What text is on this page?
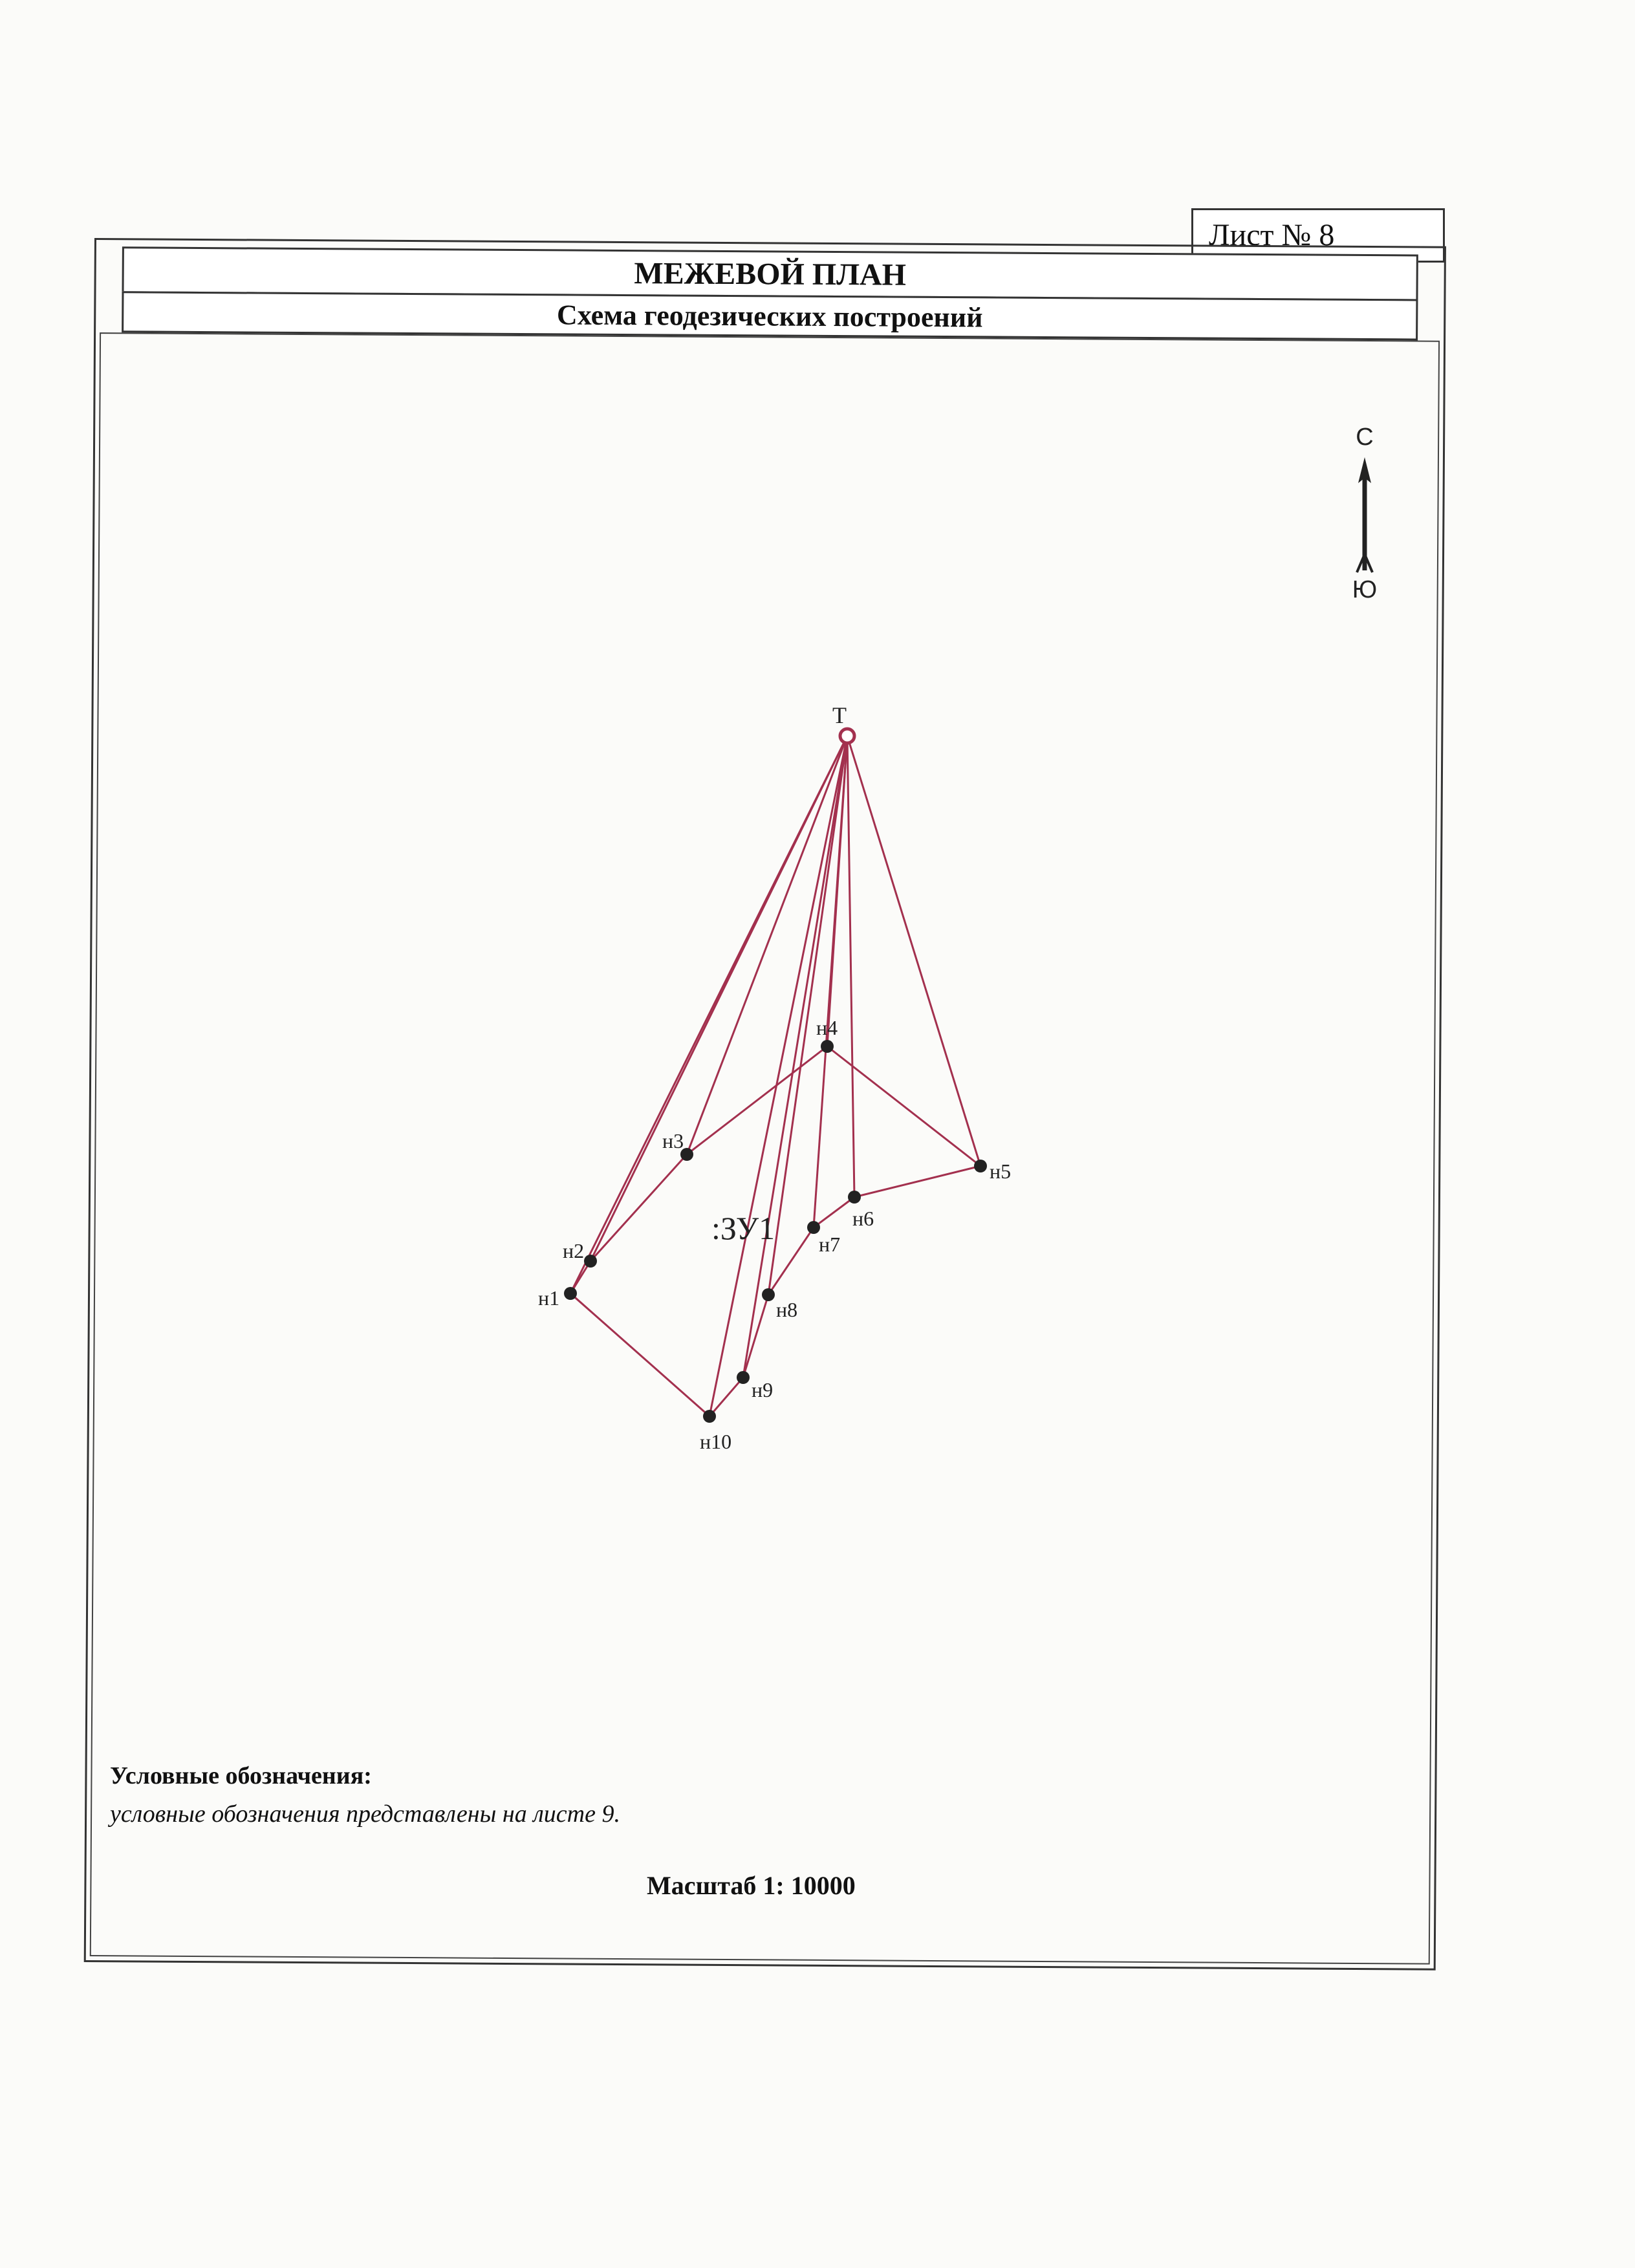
Лист № 8
МЕЖЕВОЙ ПЛАН
Схема геодезических построений
С
Ю
н1
н2
н3
н4
н5
н6
н7
н8
н9
н10
Т
:ЗУ1
Условные обозначения:
условные обозначения представлены на листе 9.
Масштаб 1: 10000
